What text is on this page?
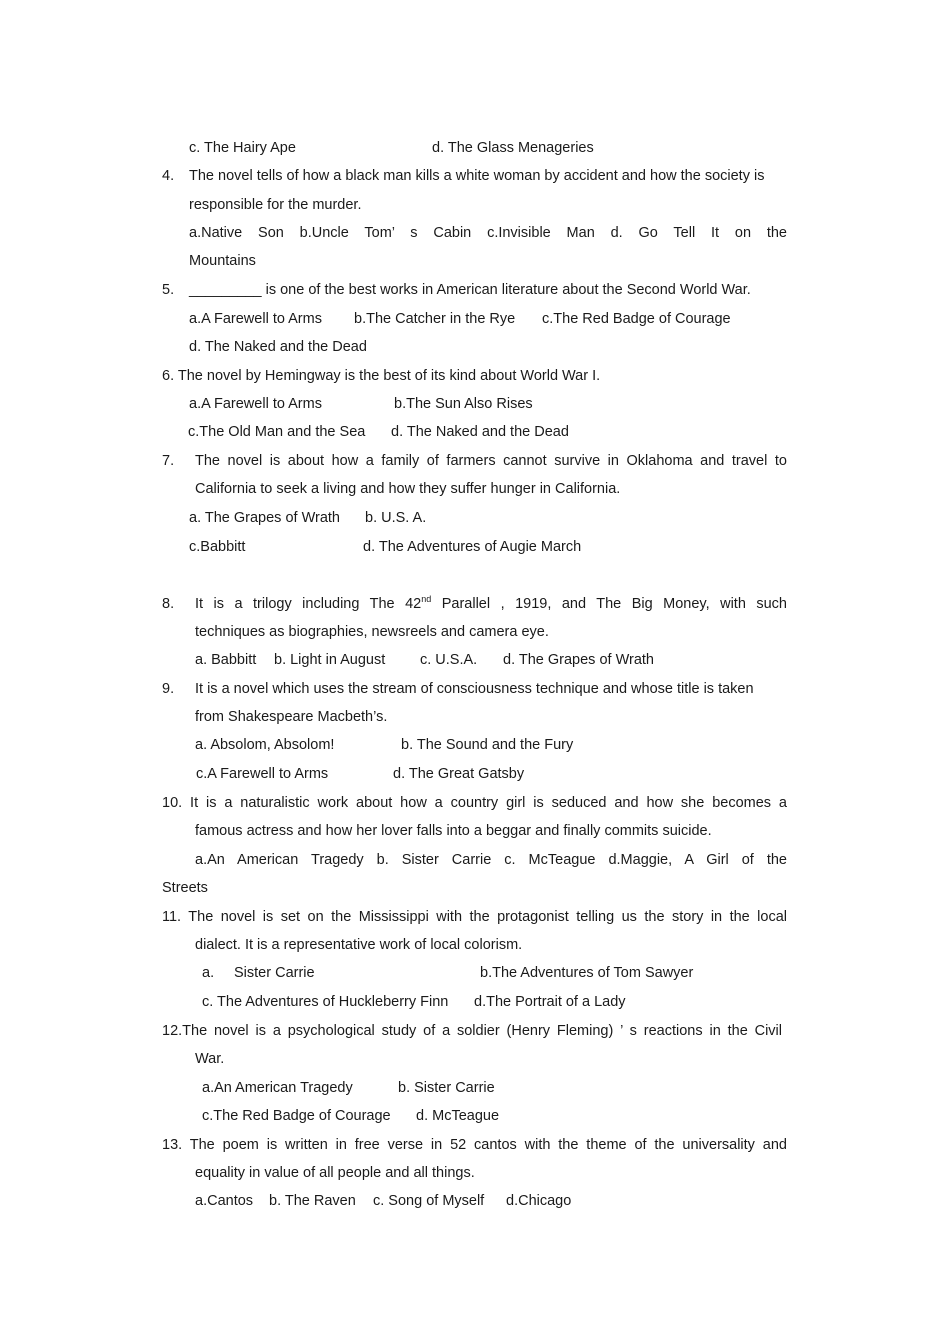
c. The Hairy Ape	d. The Glass Menageries
4. The novel tells of how a black man kills a white woman by accident and how the society is
responsible for the murder.
a.Native Son b.Uncle Tom’ s Cabin c.Invisible Man d. Go Tell It on the
Mountains
5. _________ is one of the best works in American literature about the Second World War.
a.A Farewell to Arms b.The Catcher in the Rye c.The Red Badge of Courage
d. The Naked and the Dead
6. The novel by Hemingway is the best of its kind about World War I.
a.A Farewell to Arms	b.The Sun Also Rises
c.The Old Man and the Sea d. The Naked and the Dead
7. The novel is about how a family of farmers cannot survive in Oklahoma and travel to
California to seek a living and how they suffer hunger in California.
a. The Grapes of Wrath b. U.S. A.
c.Babbitt	d. The Adventures of Augie March
8. It is a trilogy including The 42nd Parallel , 1919, and The Big Money, with such
techniques as biographies, newsreels and camera eye.
a. Babbitt b. Light in August c. U.S.A. d. The Grapes of Wrath
9. It is a novel which uses the stream of consciousness technique and whose title is taken
from Shakespeare Macbeth’s.
a. Absolom, Absolom!	b. The Sound and the Fury
c.A Farewell to Arms	d. The Great Gatsby
10. It is a naturalistic work about how a country girl is seduced and how she becomes a
famous actress and how her lover falls into a beggar and finally commits suicide.
a.An American Tragedy b. Sister Carrie c. McTeague d.Maggie, A Girl of the
Streets
11. The novel is set on the Mississippi with the protagonist telling us the story in the local
dialect. It is a representative work of local colorism.
a. Sister Carrie	b.The Adventures of Tom Sawyer
c. The Adventures of Huckleberry Finn d.The Portrait of a Lady
12.The novel is a psychological study of a soldier (Henry Fleming) ’ s reactions in the Civil
War.
a.An American Tragedy	b. Sister Carrie
c.The Red Badge of Courage d. McTeague
13. The poem is written in free verse in 52 cantos with the theme of the universality and
equality in value of all people and all things.
a.Cantos b. The Raven c. Song of Myself d.Chicago
